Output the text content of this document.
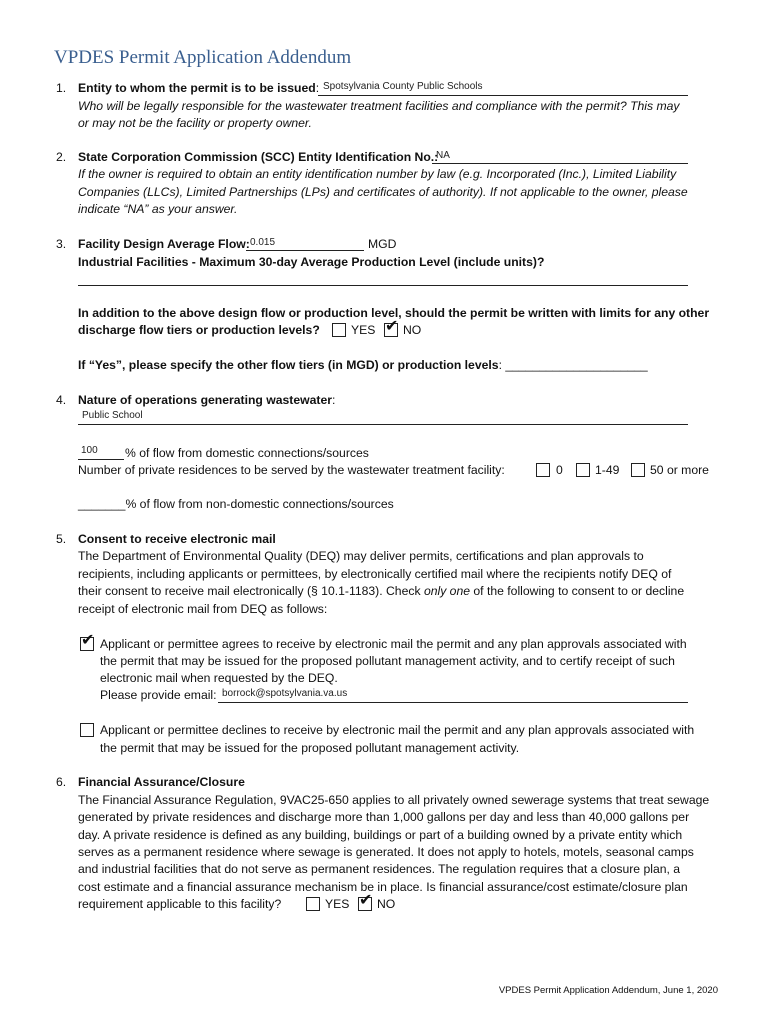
VPDES Permit Application Addendum
1. Entity to whom the permit is to be issued: Spotsylvania County Public Schools
Who will be legally responsible for the wastewater treatment facilities and compliance with the permit? This may
or may not be the facility or property owner.
2. State Corporation Commission (SCC) Entity Identification No.:
NA
If the owner is required to obtain an entity identification number by law (e.g. Incorporated (Inc.), Limited Liability
Companies (LLCs), Limited Partnerships (LPs) and certificates of authority). If not applicable to the owner, please
indicate “NA” as your answer.
3. Facility Design Average Flow: 0.015	MGD
Industrial Facilities - Maximum 30-day Average Production Level (include units)?
In addition to the above design flow or production level, should the permit be written with limits for any other
discharge flow tiers or production levels?	YES ✔ NO
If “Yes”, please specify the other flow tiers (in MGD) or production levels: _____________________
4. Nature of operations generating wastewater:
Public School
100 % of flow from domestic connections/sources
Number of private residences to be served by the wastewater treatment facility:	0	1-49	50 or more
_______% of flow from non-domestic connections/sources
5. Consent to receive electronic mail
The Department of Environmental Quality (DEQ) may deliver permits, certifications and plan approvals to
recipients, including applicants or permittees, by electronically certified mail where the recipients notify DEQ of
their consent to receive mail electronically (§ 10.1-1183). Check only one of the following to consent to or decline
receipt of electronic mail from DEQ as follows:
✔ Applicant or permittee agrees to receive by electronic mail the permit and any plan approvals associated with
the permit that may be issued for the proposed pollutant management activity, and to certify receipt of such
electronic mail when requested by the DEQ.
Please provide email: borrock@spotsylvania.va.us
Applicant or permittee declines to receive by electronic mail the permit and any plan approvals associated with
the permit that may be issued for the proposed pollutant management activity.
6. Financial Assurance/Closure
The Financial Assurance Regulation, 9VAC25-650 applies to all privately owned sewerage systems that treat sewage
generated by private residences and discharge more than 1,000 gallons per day and less than 40,000 gallons per
day. A private residence is defined as any building, buildings or part of a building owned by a private entity which
serves as a permanent residence where sewage is generated. It does not apply to hotels, motels, seasonal camps
and industrial facilities that do not serve as permanent residences. The regulation requires that a closure plan, a
cost estimate and a financial assurance mechanism be in place. Is financial assurance/cost estimate/closure plan
requirement applicable to this facility?	YES ✔ NO
VPDES Permit Application Addendum, June 1, 2020
